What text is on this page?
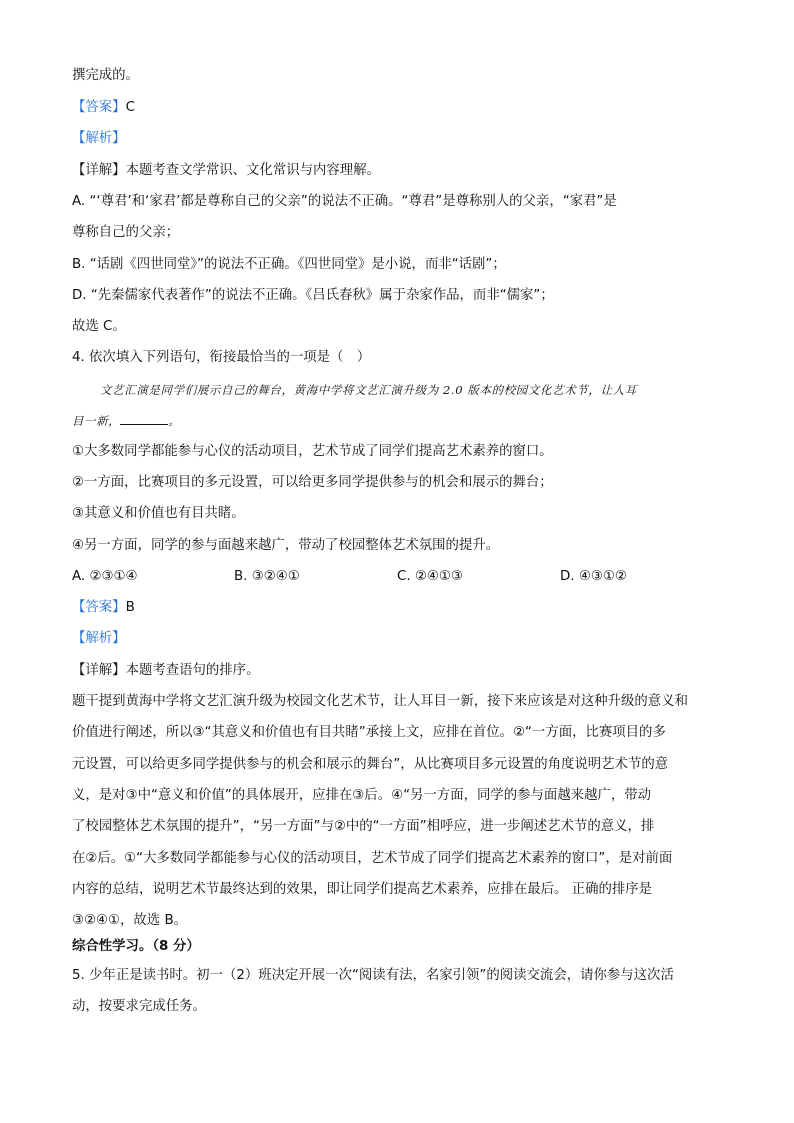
撰完成的。
【答案】C
【解析】
【详解】本题考查文学常识、文化常识与内容理解。
A. “‘尊君’和‘家君’都是尊称自己的父亲”的说法不正确。“尊君”是尊称别人的父亲，“家君”是
尊称自己的父亲；
B. “话剧《四世同堂》”的说法不正确。《四世同堂》是小说，而非“话剧”；
D. “先秦儒家代表著作”的说法不正确。《吕氏春秋》属于杂家作品，而非“儒家”；
故选 C。
4. 依次填入下列语句，衔接最恰当的一项是（　）
文艺汇演是同学们展示自己的舞台，黄海中学将文艺汇演升级为 2.0 版本的校园文化艺术节，让人耳
目一新，	。
①大多数同学都能参与心仪的活动项目，艺术节成了同学们提高艺术素养的窗口。
②一方面，比赛项目的多元设置，可以给更多同学提供参与的机会和展示的舞台；
③其意义和价值也有目共睹。
④另一方面，同学的参与面越来越广，带动了校园整体艺术氛围的提升。
A. ②③①④	B. ③②④①	C. ②④①③	D. ④③①②
【答案】B
【解析】
【详解】本题考查语句的排序。
题干提到黄海中学将文艺汇演升级为校园文化艺术节，让人耳目一新，接下来应该是对这种升级的意义和
价值进行阐述，所以③“其意义和价值也有目共睹”承接上文，应排在首位。②“一方面，比赛项目的多
元设置，可以给更多同学提供参与的机会和展示的舞台”，从比赛项目多元设置的角度说明艺术节的意
义，是对③中“意义和价值”的具体展开，应排在③后。④“另一方面，同学的参与面越来越广，带动
了校园整体艺术氛围的提升”，“另一方面”与②中的“一方面”相呼应，进一步阐述艺术节的意义，排
在②后。①“大多数同学都能参与心仪的活动项目，艺术节成了同学们提高艺术素养的窗口”，是对前面
内容的总结，说明艺术节最终达到的效果，即让同学们提高艺术素养，应排在最后。 正确的排序是
③②④①，故选 B。
综合性学习。（8 分）
5. 少年正是读书时。初一（2）班决定开展一次“阅读有法，名家引领”的阅读交流会，请你参与这次活
动，按要求完成任务。
